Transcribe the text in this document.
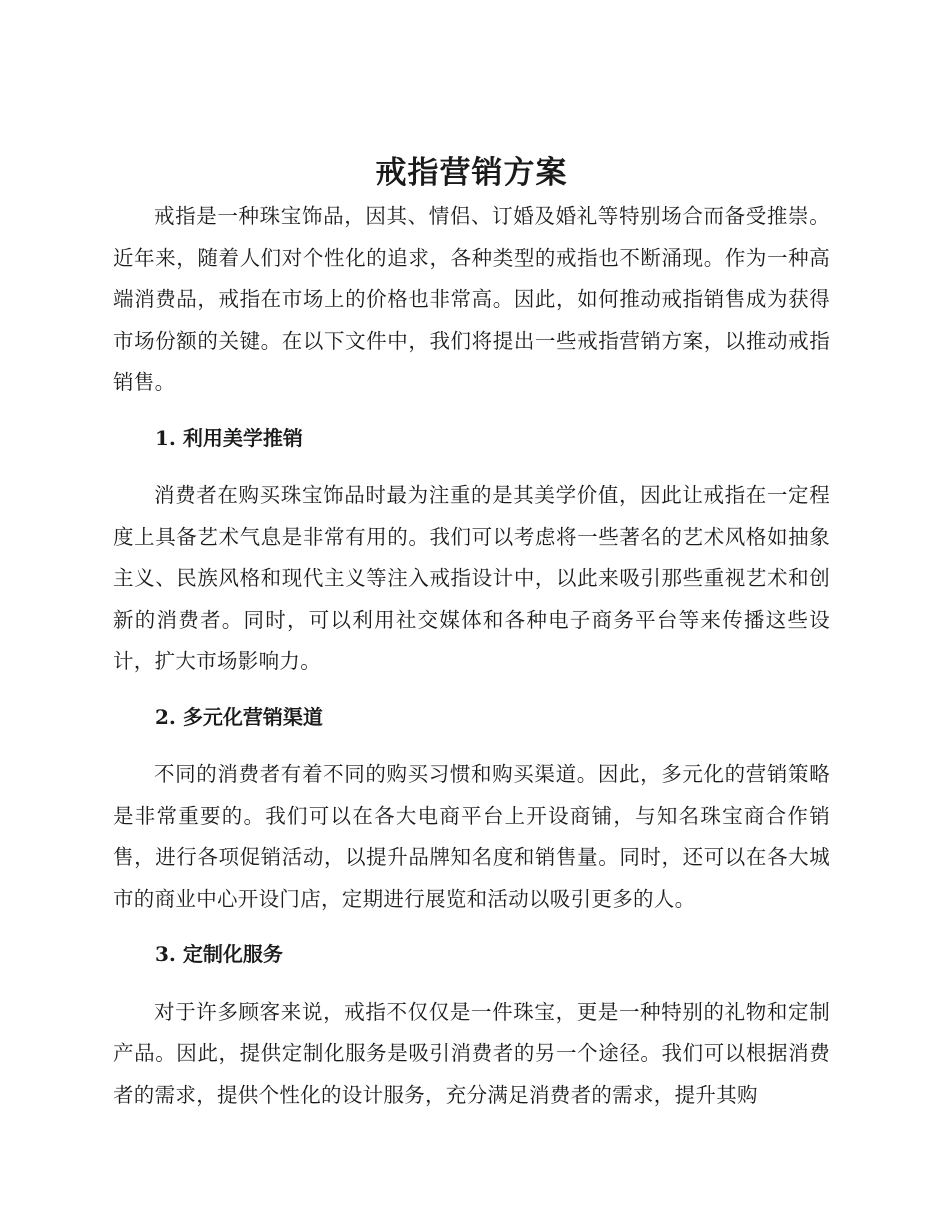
戒指营销方案

戒指是一种珠宝饰品，因其、情侣、订婚及婚礼等特别场合而备受推崇。近年来，随着人们对个性化的追求，各种类型的戒指也不断涌现。作为一种高端消费品，戒指在市场上的价格也非常高。因此，如何推动戒指销售成为获得市场份额的关键。在以下文件中，我们将提出一些戒指营销方案，以推动戒指销售。

1. 利用美学推销

消费者在购买珠宝饰品时最为注重的是其美学价值，因此让戒指在一定程度上具备艺术气息是非常有用的。我们可以考虑将一些著名的艺术风格如抽象主义、民族风格和现代主义等注入戒指设计中，以此来吸引那些重视艺术和创新的消费者。同时，可以利用社交媒体和各种电子商务平台等来传播这些设计，扩大市场影响力。

2. 多元化营销渠道

不同的消费者有着不同的购买习惯和购买渠道。因此，多元化的营销策略是非常重要的。我们可以在各大电商平台上开设商铺，与知名珠宝商合作销售，进行各项促销活动，以提升品牌知名度和销售量。同时，还可以在各大城市的商业中心开设门店，定期进行展览和活动以吸引更多的人。

3. 定制化服务

对于许多顾客来说，戒指不仅仅是一件珠宝，更是一种特别的礼物和定制产品。因此，提供定制化服务是吸引消费者的另一个途径。我们可以根据消费者的需求，提供个性化的设计服务，充分满足消费者的需求，提升其购
